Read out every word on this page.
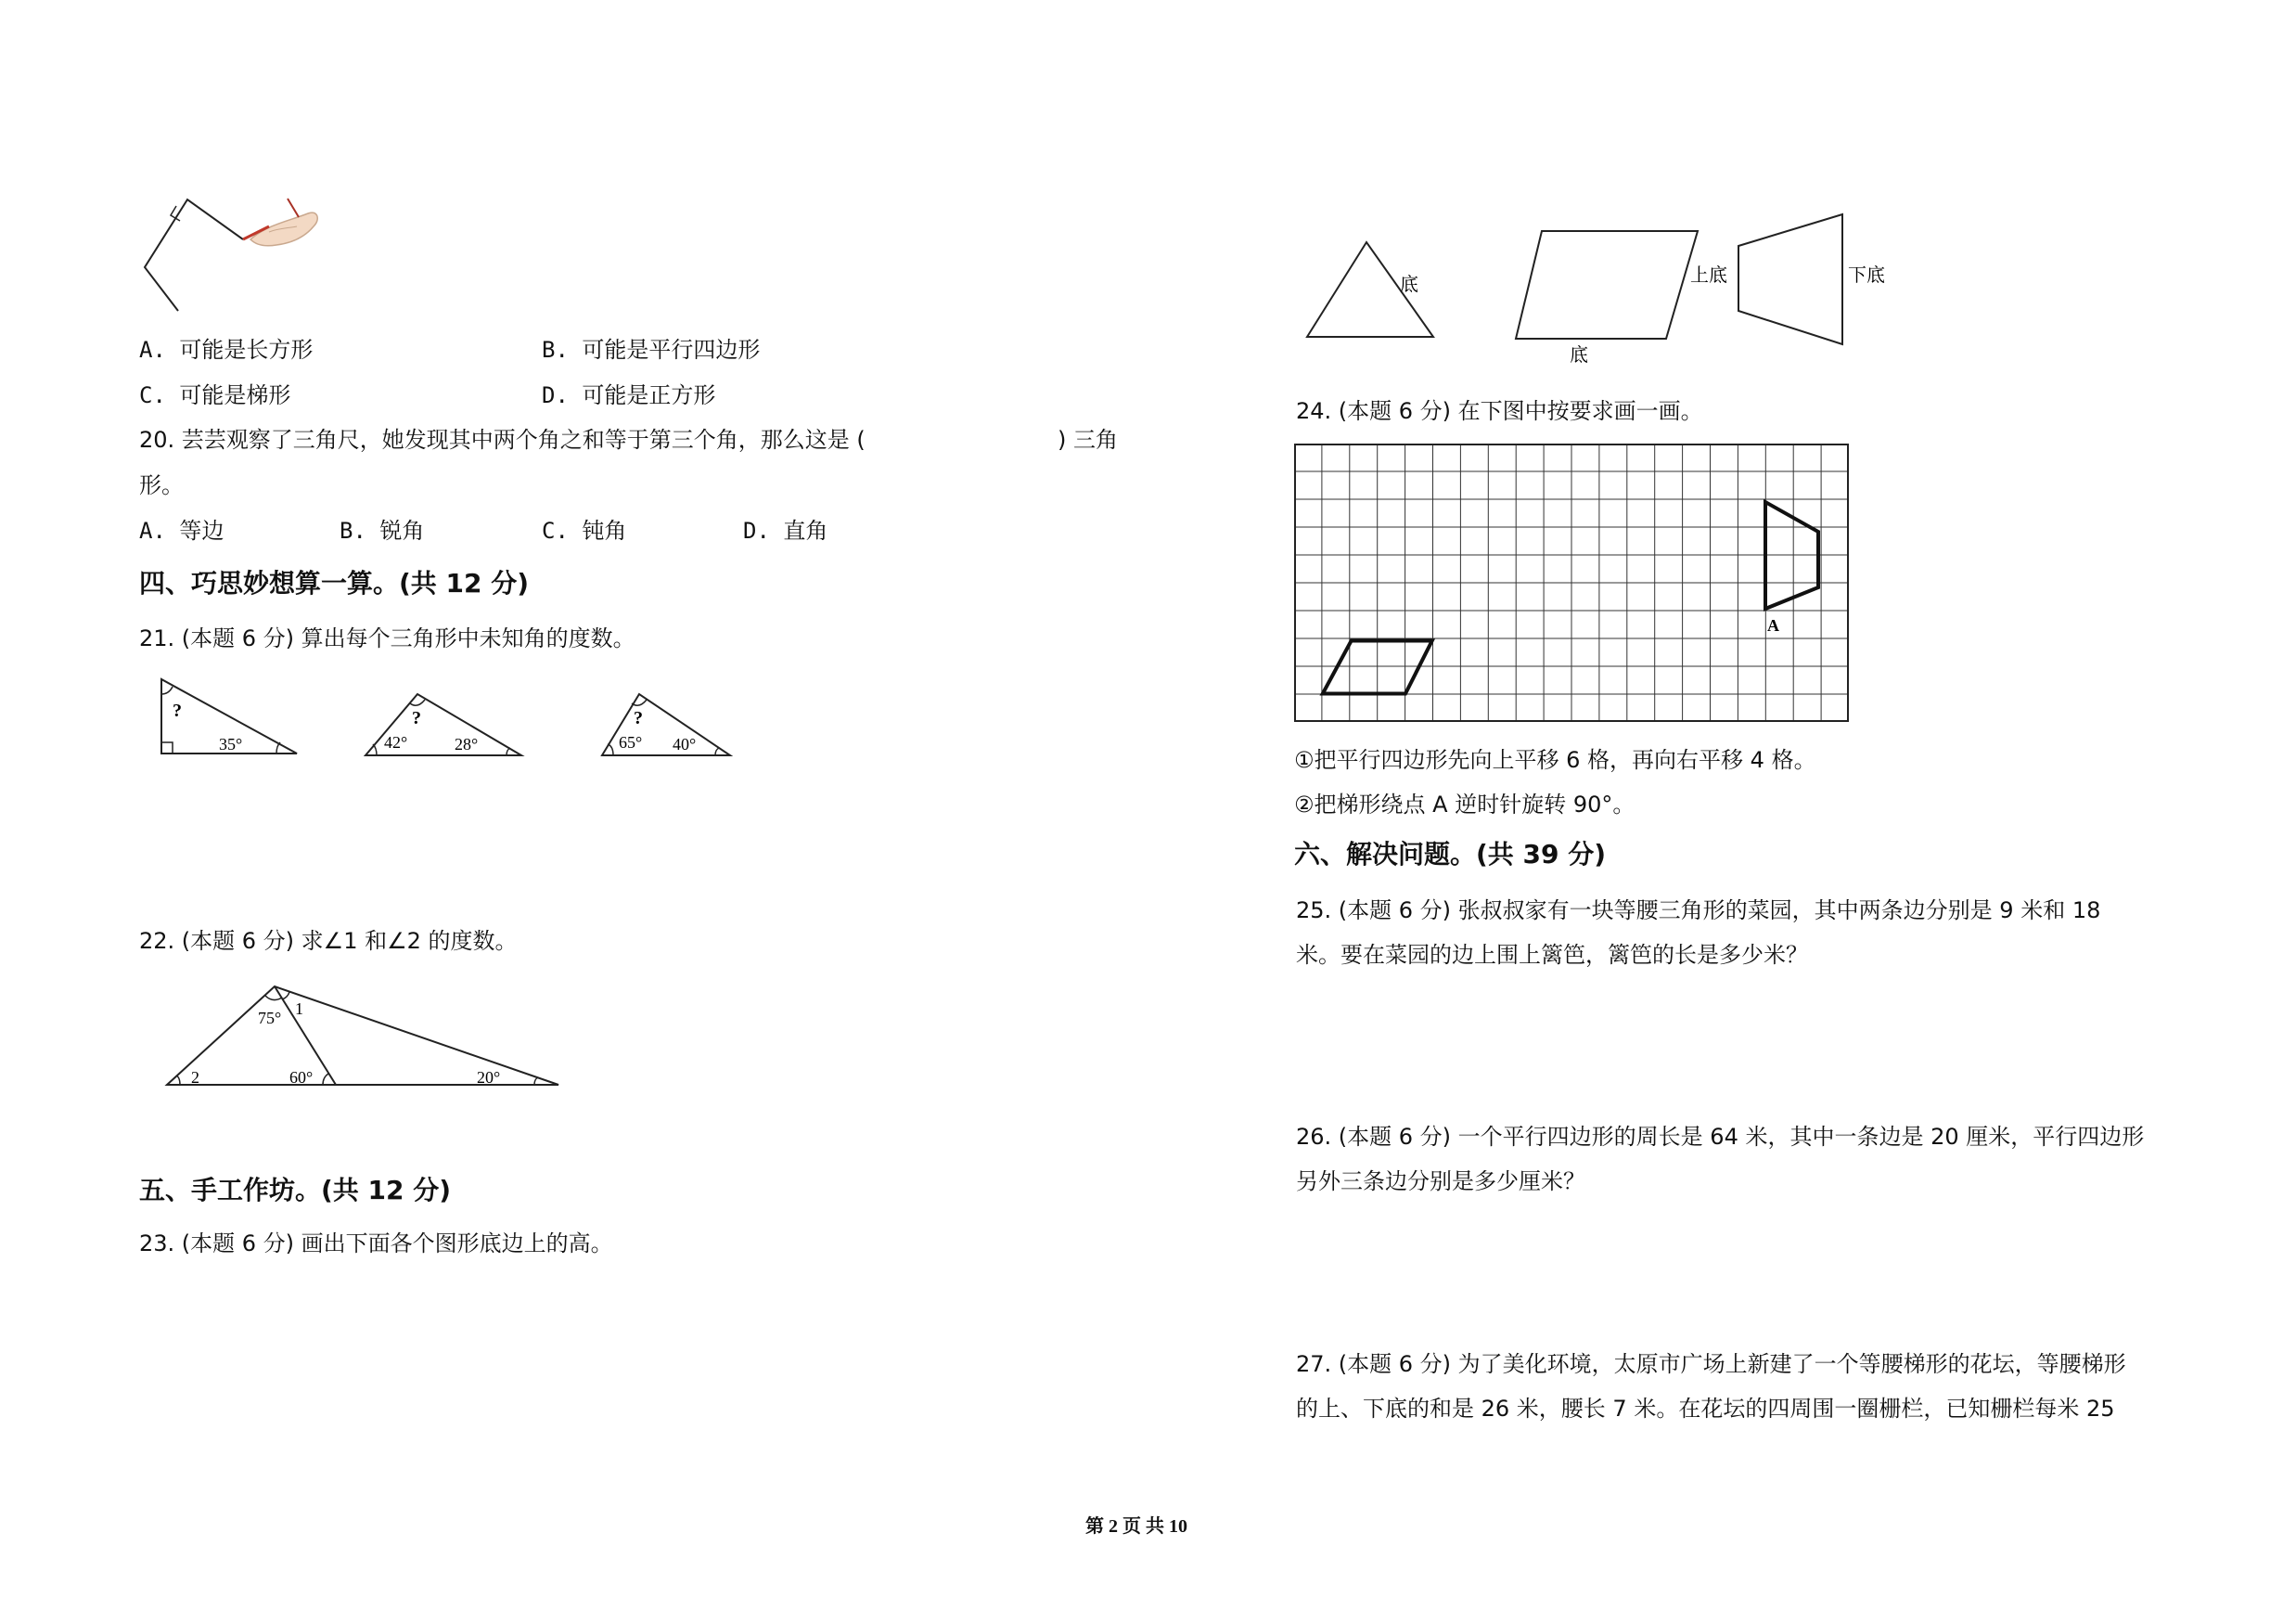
A. 可能是长方形	B. 可能是平行四边形
C. 可能是梯形	D. 可能是正方形
20. 芸芸观察了三角尺，她发现其中两个角之和等于第三个角，那么这是 (	) 三角
形。
A. 等边	B. 锐角	C. 钝角	D. 直角
四、巧思妙想算一算。(共 12 分)
21. (本题 6 分) 算出每个三角形中未知角的度数。
?
35°
?
42°	28°
?
65° 40°
22. (本题 6 分) 求∠1 和∠2 的度数。
75° 1
2	60°	20°
五、手工作坊。(共 12 分)
23. (本题 6 分) 画出下面各个图形底边上的高。
底
底
上底	下底
24. (本题 6 分) 在下图中按要求画一画。
A
①把平行四边形先向上平移 6 格，再向右平移 4 格。
②把梯形绕点 A 逆时针旋转 90°。
六、解决问题。(共 39 分)
25. (本题 6 分) 张叔叔家有一块等腰三角形的菜园，其中两条边分别是 9 米和 18
米。要在菜园的边上围上篱笆，篱笆的长是多少米？
26. (本题 6 分) 一个平行四边形的周长是 64 米，其中一条边是 20 厘米，平行四边形
另外三条边分别是多少厘米？
27. (本题 6 分) 为了美化环境，太原市广场上新建了一个等腰梯形的花坛，等腰梯形
的上、下底的和是 26 米，腰长 7 米。在花坛的四周围一圈栅栏，已知栅栏每米 25
第 2 页 共 10
